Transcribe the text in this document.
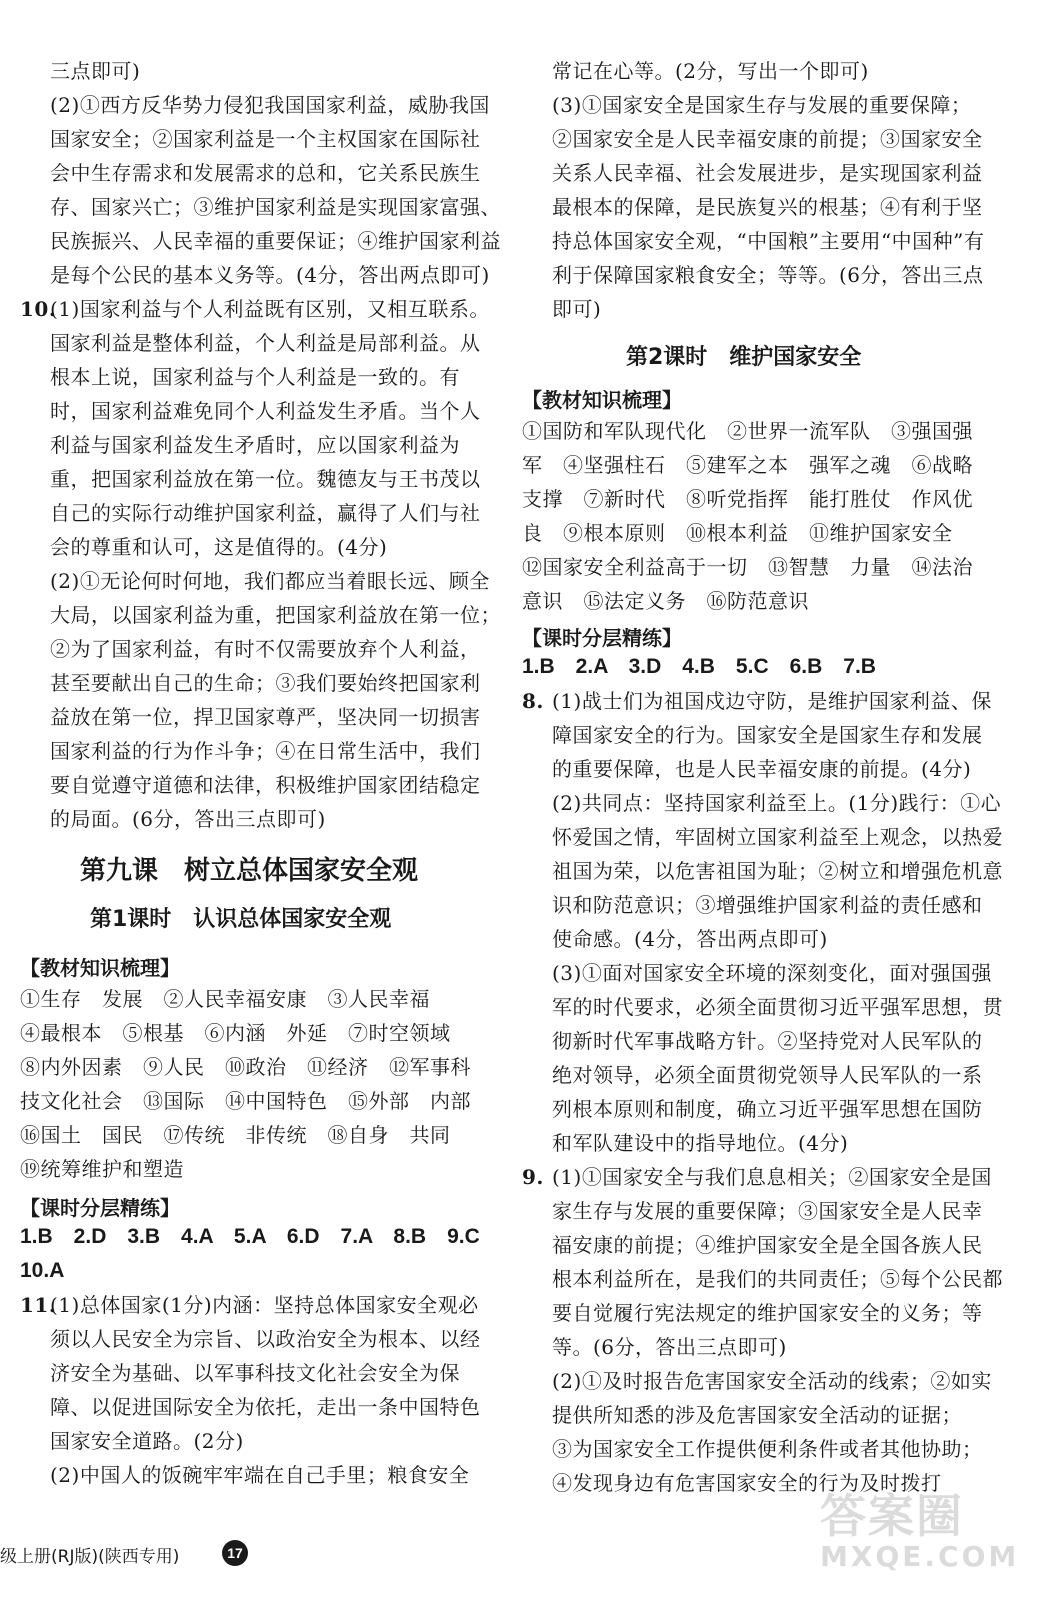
三点即可)
(2)①西方反华势力侵犯我国国家利益，威胁我国
国家安全；②国家利益是一个主权国家在国际社
会中生存需求和发展需求的总和，它关系民族生
存、国家兴亡；③维护国家利益是实现国家富强、
民族振兴、人民幸福的重要保证；④维护国家利益
是每个公民的基本义务等。(4分，答出两点即可)
10.
(1)国家利益与个人利益既有区别，又相互联系。
国家利益是整体利益，个人利益是局部利益。从
根本上说，国家利益与个人利益是一致的。有
时，国家利益难免同个人利益发生矛盾。当个人
利益与国家利益发生矛盾时，应以国家利益为
重，把国家利益放在第一位。魏德友与王书茂以
自己的实际行动维护国家利益，赢得了人们与社
会的尊重和认可，这是值得的。(4分)
(2)①无论何时何地，我们都应当着眼长远、顾全
大局，以国家利益为重，把国家利益放在第一位；
②为了国家利益，有时不仅需要放弃个人利益，
甚至要献出自己的生命；③我们要始终把国家利
益放在第一位，捍卫国家尊严，坚决同一切损害
国家利益的行为作斗争；④在日常生活中，我们
要自觉遵守道德和法律，积极维护国家团结稳定
的局面。(6分，答出三点即可)
第九课　树立总体国家安全观
第1课时　认识总体国家安全观
【教材知识梳理】
①生存　发展　②人民幸福安康　③人民幸福
④最根本　⑤根基　⑥内涵　外延　⑦时空领域
⑧内外因素　⑨人民　⑩政治　⑪经济　⑫军事科
技文化社会　⑬国际　⑭中国特色　⑮外部　内部
⑯国土　国民　⑰传统　非传统　⑱自身　共同
⑲统筹维护和塑造
【课时分层精练】
1.B　2.D　3.B　4.A　5.A　6.D　7.A　8.B　9.C
10.A
11.
(1)总体国家(1分)内涵：坚持总体国家安全观必
须以人民安全为宗旨、以政治安全为根本、以经
济安全为基础、以军事科技文化社会安全为保
障、以促进国际安全为依托，走出一条中国特色
国家安全道路。(2分)
(2)中国人的饭碗牢牢端在自己手里；粮食安全
级上册(RJ版)(陕西专用)	17
常记在心等。(2分，写出一个即可)
(3)①国家安全是国家生存与发展的重要保障；
②国家安全是人民幸福安康的前提；③国家安全
关系人民幸福、社会发展进步，是实现国家利益
最根本的保障，是民族复兴的根基；④有利于坚
持总体国家安全观，“中国粮”主要用“中国种”有
利于保障国家粮食安全；等等。(6分，答出三点
即可)
第2课时　维护国家安全
【教材知识梳理】
①国防和军队现代化　②世界一流军队　③强国强
军　④坚强柱石　⑤建军之本　强军之魂　⑥战略
支撑　⑦新时代　⑧听党指挥　能打胜仗　作风优
良　⑨根本原则　⑩根本利益　⑪维护国家安全
⑫国家安全利益高于一切　⑬智慧　力量　⑭法治
意识　⑮法定义务　⑯防范意识
【课时分层精练】
1.B　2.A　3.D　4.B　5.C　6.B　7.B
8. (1)战士们为祖国戍边守防，是维护国家利益、保
障国家安全的行为。国家安全是国家生存和发展
的重要保障，也是人民幸福安康的前提。(4分)
(2)共同点：坚持国家利益至上。(1分)践行：①心
怀爱国之情，牢固树立国家利益至上观念，以热爱
祖国为荣，以危害祖国为耻；②树立和增强危机意
识和防范意识；③增强维护国家利益的责任感和
使命感。(4分，答出两点即可)
(3)①面对国家安全环境的深刻变化，面对强国强
军的时代要求，必须全面贯彻习近平强军思想，贯
彻新时代军事战略方针。②坚持党对人民军队的
绝对领导，必须全面贯彻党领导人民军队的一系
列根本原则和制度，确立习近平强军思想在国防
和军队建设中的指导地位。(4分)
9. (1)①国家安全与我们息息相关；②国家安全是国
家生存与发展的重要保障；③国家安全是人民幸
福安康的前提；④维护国家安全是全国各族人民
根本利益所在，是我们的共同责任；⑤每个公民都
要自觉履行宪法规定的维护国家安全的义务；等
等。(6分，答出三点即可)
(2)①及时报告危害国家安全活动的线索；②如实
提供所知悉的涉及危害国家安全活动的证据；
③为国家安全工作提供便利条件或者其他协助；
④发现身边有危害国家安全的行为及时拨打
答案圈
MXQE.COM
